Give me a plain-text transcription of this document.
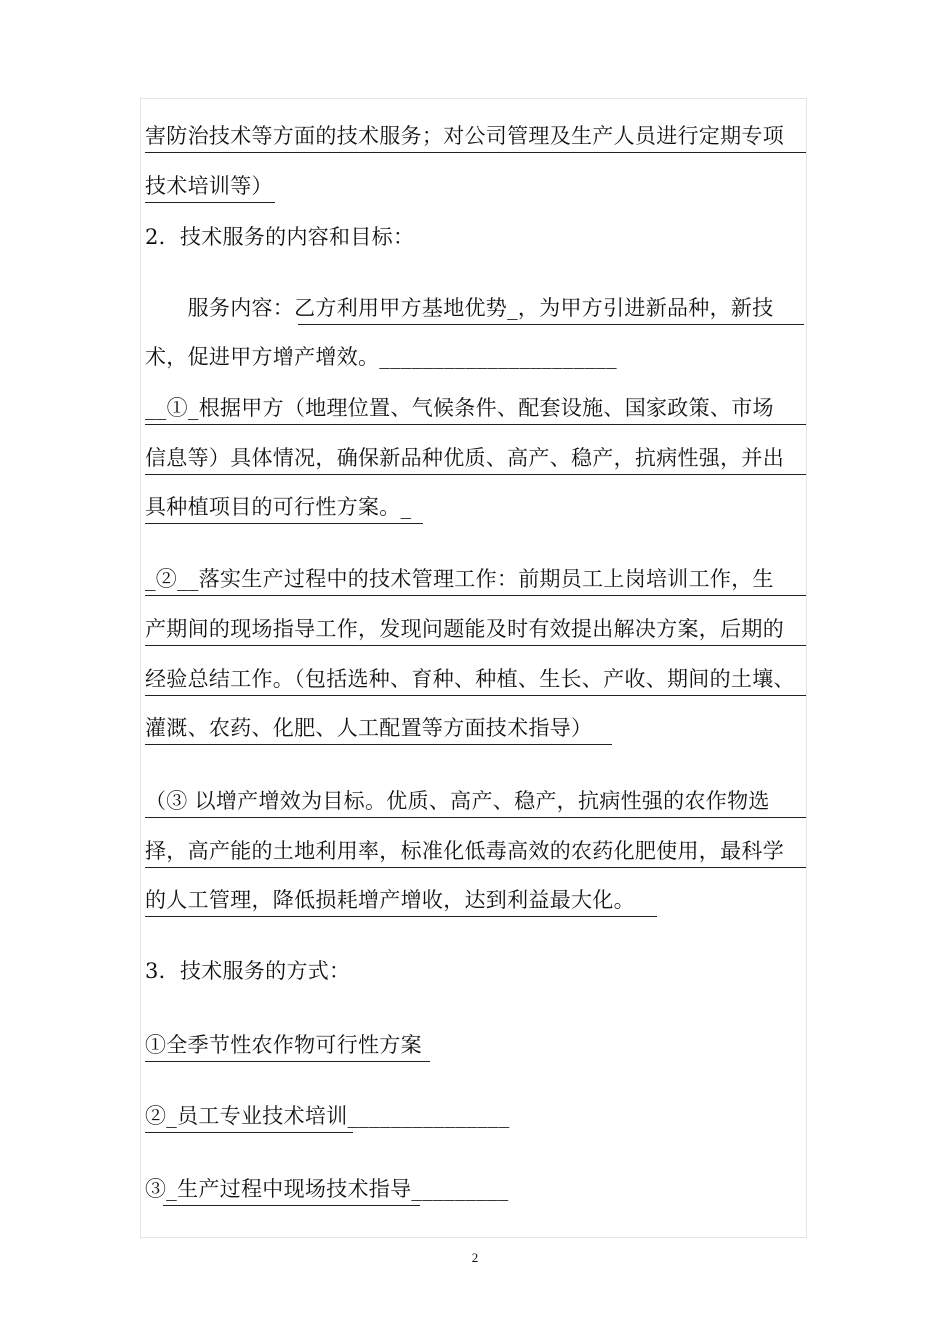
害防治技术等方面的技术服务；对公司管理及生产人员进行定期专项
技术培训等）
2．技术服务的内容和目标：
　　服务内容：乙方利用甲方基地优势_，为甲方引进新品种，新技
术，促进甲方增产增效。______________________
__①_根据甲方（地理位置、气候条件、配套设施、国家政策、市场
信息等）具体情况，确保新品种优质、高产、稳产，抗病性强，并出
具种植项目的可行性方案。_
_②__落实生产过程中的技术管理工作：前期员工上岗培训工作，生
产期间的现场指导工作，发现问题能及时有效提出解决方案，后期的
经验总结工作。（包括选种、育种、种植、生长、产收、期间的土壤、
灌溉、农药、化肥、人工配置等方面技术指导）
（③ 以增产增效为目标。优质、高产、稳产，抗病性强的农作物选
择，高产能的土地利用率，标准化低毒高效的农药化肥使用，最科学
的人工管理，降低损耗增产增收，达到利益最大化。
3．技术服务的方式：
①全季节性农作物可行性方案
②_员工专业技术培训_______________
③_生产过程中现场技术指导_________
2
